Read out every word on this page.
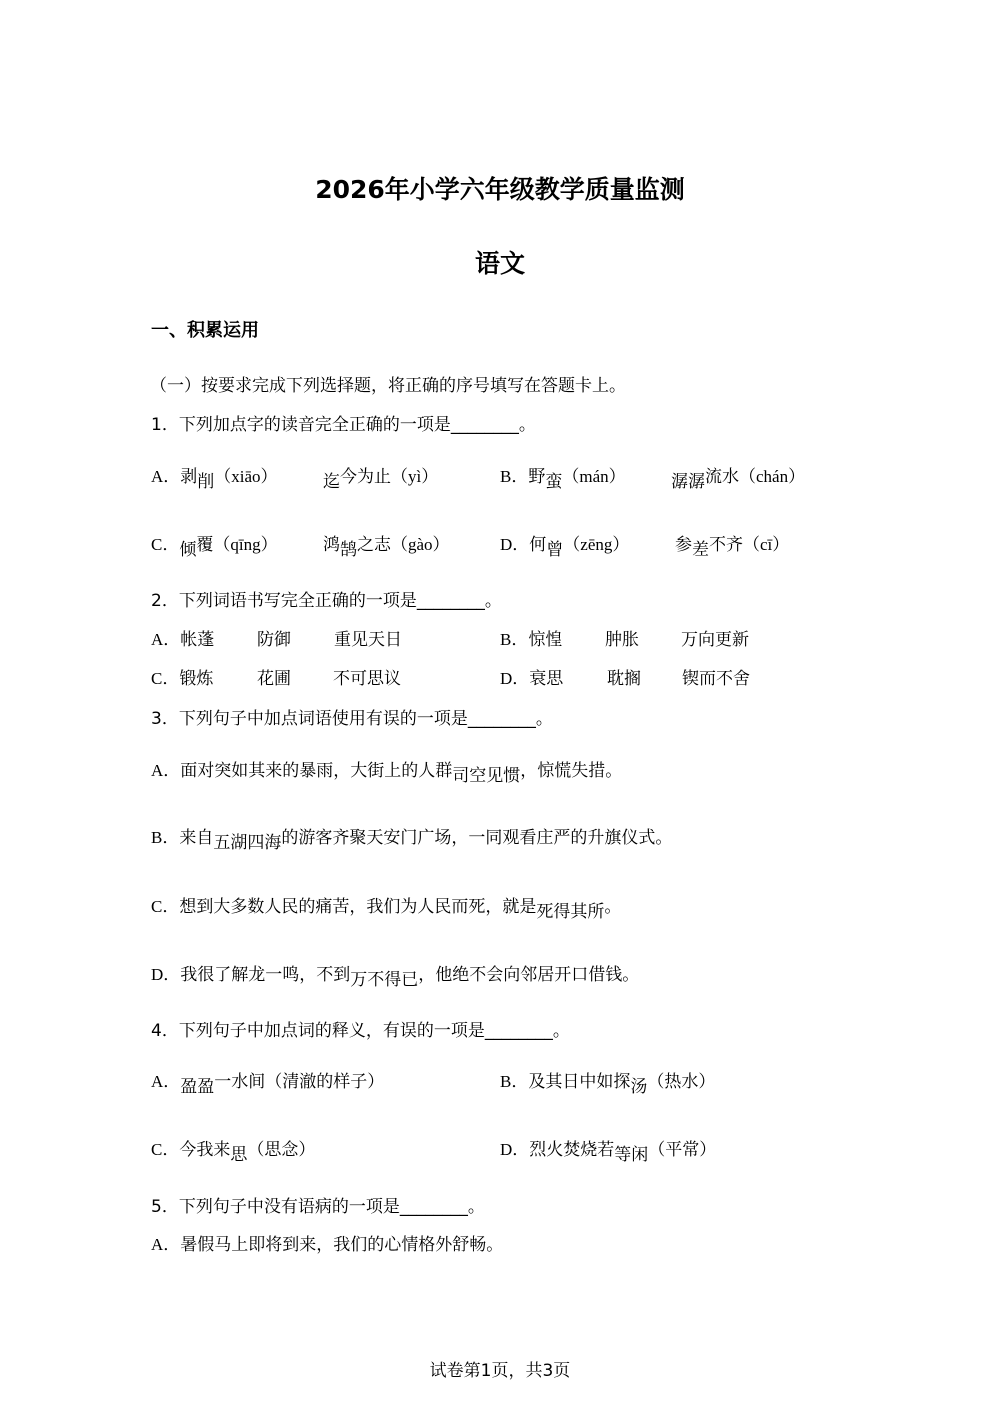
2026年小学六年级教学质量监测
语文
一、积累运用
（一）按要求完成下列选择题，将正确的序号填写在答题卡上。
1．下列加点字的读音完全正确的一项是________。
A．剥削（xiāo）	迄今为止（yì）	B．野蛮（mán）	潺潺流水（chán）
C．倾覆（qīng）	鸿鹄之志（gào）	D．何曾（zēng）	参差不齐（cī）
2．下列词语书写完全正确的一项是________。
A．帐蓬	防御	重见天日	B．惊惶	肿胀 万向更新
C．锻炼	花圃 不可思议	D．衰思	耽搁 锲而不舍
3．下列句子中加点词语使用有误的一项是________。
A．面对突如其来的暴雨，大街上的人群司空见惯，惊慌失措。
B．来自五湖四海的游客齐聚天安门广场，一同观看庄严的升旗仪式。
C．想到大多数人民的痛苦，我们为人民而死，就是死得其所。
D．我很了解龙一鸣，不到万不得已，他绝不会向邻居开口借钱。
4．下列句子中加点词的释义，有误的一项是________。
A．盈盈一水间（清澈的样子）	B．及其日中如探汤（热水）
C．今我来思（思念）	D．烈火焚烧若等闲（平常）
5．下列句子中没有语病的一项是________。
A．暑假马上即将到来，我们的心情格外舒畅。
试卷第1页，共3页
